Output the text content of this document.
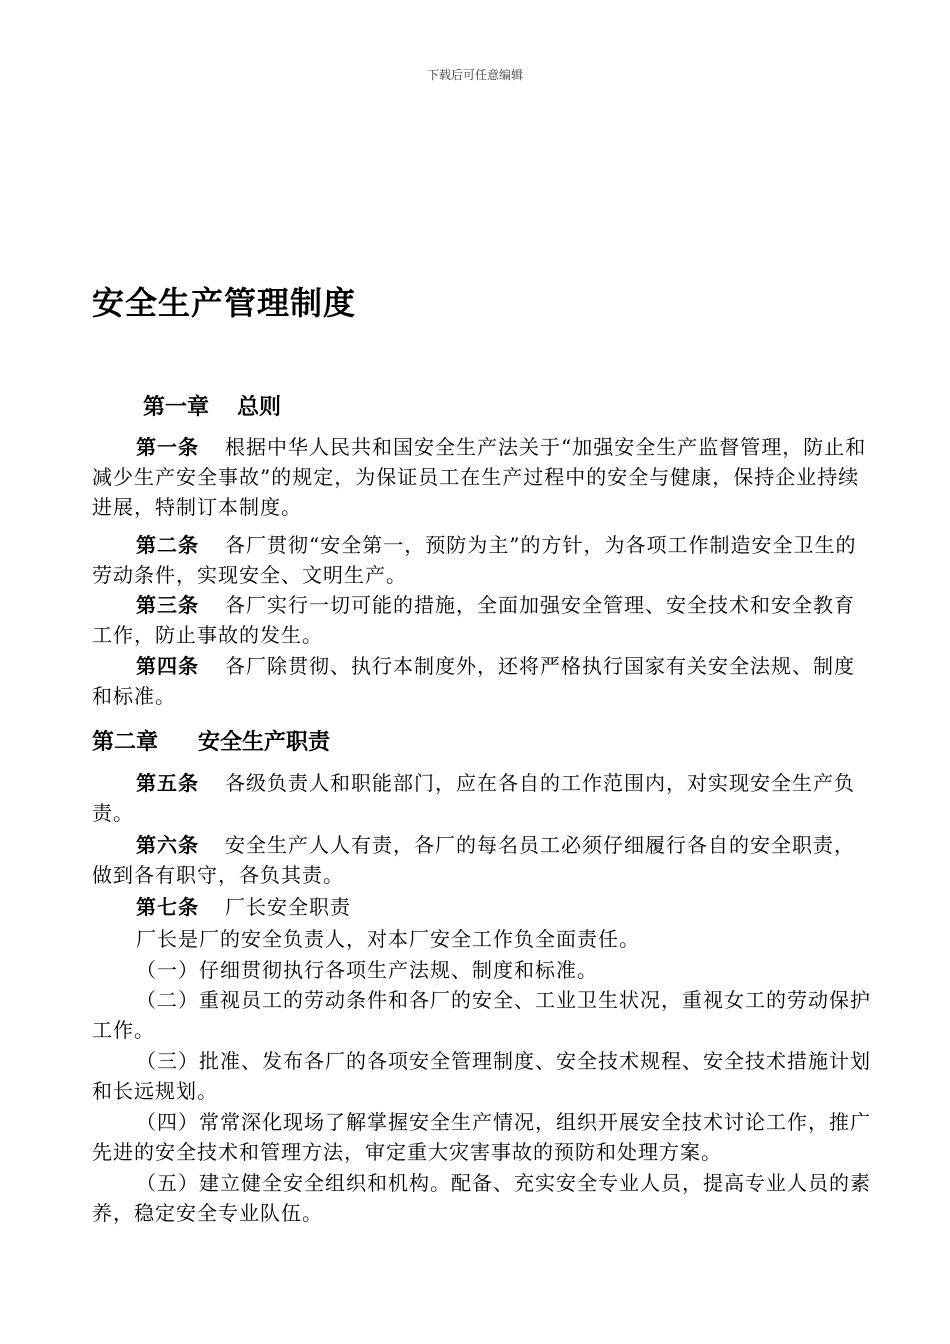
下载后可任意编辑
安全生产管理制度
第一章 总则

第一条 根据中华人民共和国安全生产法关于“加强安全生产监督管理，防止和减少生产安全事故”的规定，为保证员工在生产过程中的安全与健康，保持企业持续进展，特制订本制度。

第二条 各厂贯彻“安全第一，预防为主”的方针，为各项工作制造安全卫生的劳动条件，实现安全、文明生产。

第三条 各厂实行一切可能的措施，全面加强安全管理、安全技术和安全教育工作，防止事故的发生。

第四条 各厂除贯彻、执行本制度外，还将严格执行国家有关安全法规、制度和标准。

第二章 安全生产职责

第五条 各级负责人和职能部门，应在各自的工作范围内，对实现安全生产负责。

第六条 安全生产人人有责，各厂的每名员工必须仔细履行各自的安全职责，做到各有职守，各负其责。

第七条 厂长安全职责

厂长是厂的安全负责人，对本厂安全工作负全面责任。

（一）仔细贯彻执行各项生产法规、制度和标准。

（二）重视员工的劳动条件和各厂的安全、工业卫生状况，重视女工的劳动保护工作。

（三）批准、发布各厂的各项安全管理制度、安全技术规程、安全技术措施计划和长远规划。

（四）常常深化现场了解掌握安全生产情况，组织开展安全技术讨论工作，推广先进的安全技术和管理方法，审定重大灾害事故的预防和处理方案。

（五）建立健全安全组织和机构。配备、充实安全专业人员，提高专业人员的素养，稳定安全专业队伍。
